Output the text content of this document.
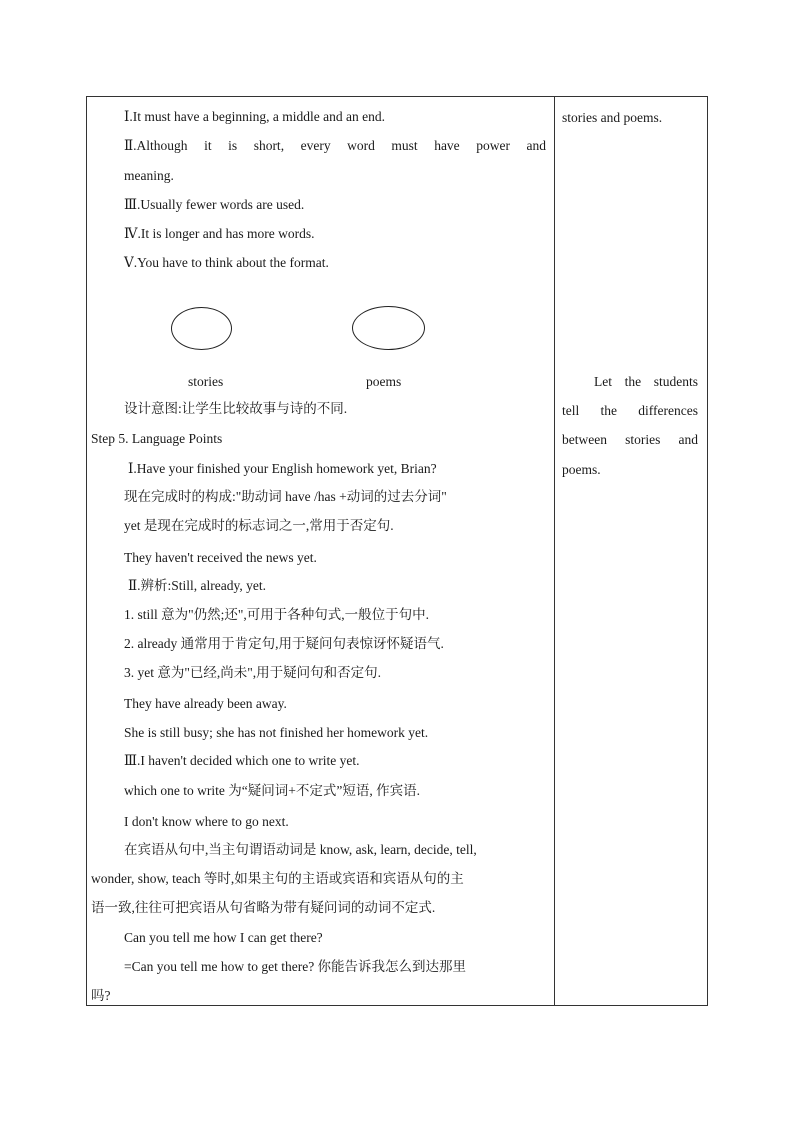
Ⅰ.It must have a beginning, a middle and an end.
Ⅱ.Although it is short, every word must have power and
meaning.
Ⅲ.Usually fewer words are used.
Ⅳ.It is longer and has more words.
Ⅴ.You have to think about the format.
stories	poems
设计意图:让学生比较故事与诗的不同.
Step 5. Language Points
Ⅰ.Have your finished your English homework yet, Brian?
现在完成时的构成:"助动词 have /has +动词的过去分词"
yet 是现在完成时的标志词之一,常用于否定句.
They haven't received the news yet.
Ⅱ.辨析:Still, already, yet.
1. still 意为"仍然;还",可用于各种句式,一般位于句中.
2. already 通常用于肯定句,用于疑问句表惊讶怀疑语气.
3. yet 意为"已经,尚未",用于疑问句和否定句.
They have already been away.
She is still busy; she has not finished her homework yet.
Ⅲ.I haven't decided which one to write yet.
which one to write 为“疑问词+不定式”短语, 作宾语.
I don't know where to go next.
在宾语从句中,当主句谓语动词是 know, ask, learn, decide, tell,
wonder, show, teach 等时,如果主句的主语或宾语和宾语从句的主
语一致,往往可把宾语从句省略为带有疑问词的动词不定式.
Can you tell me how I can get there?
=Can you tell me how to get there? 你能告诉我怎么到达那里
吗?
stories and poems.
Let the students
tell the differences
between stories and
poems.
